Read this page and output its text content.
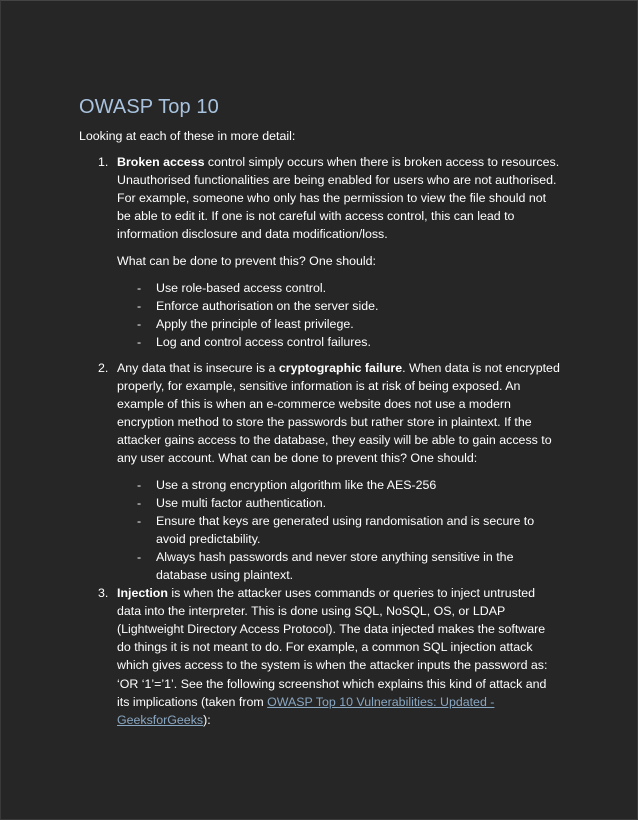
OWASP Top 10

Looking at each of these in more detail:

1. Broken access control simply occurs when there is broken access to resources. Unauthorised functionalities are being enabled for users who are not authorised. For example, someone who only has the permission to view the file should not be able to edit it. If one is not careful with access control, this can lead to information disclosure and data modification/loss.

What can be done to prevent this? One should:

- Use role-based access control.
- Enforce authorisation on the server side.
- Apply the principle of least privilege.
- Log and control access control failures.
2. Any data that is insecure is a cryptographic failure. When data is not encrypted properly, for example, sensitive information is at risk of being exposed. An example of this is when an e-commerce website does not use a modern encryption method to store the passwords but rather store in plaintext. If the attacker gains access to the database, they easily will be able to gain access to any user account. What can be done to prevent this? One should:

- Use a strong encryption algorithm like the AES-256
- Use multi factor authentication.
- Ensure that keys are generated using randomisation and is secure to avoid predictability.
- Always hash passwords and never store anything sensitive in the database using plaintext.
3. Injection is when the attacker uses commands or queries to inject untrusted data into the interpreter. This is done using SQL, NoSQL, OS, or LDAP (Lightweight Directory Access Protocol). The data injected makes the software do things it is not meant to do. For example, a common SQL injection attack which gives access to the system is when the attacker inputs the password as: ‘OR ‘1’=’1’. See the following screenshot which explains this kind of attack and its implications (taken from OWASP Top 10 Vulnerabilities: Updated - GeeksforGeeks):
